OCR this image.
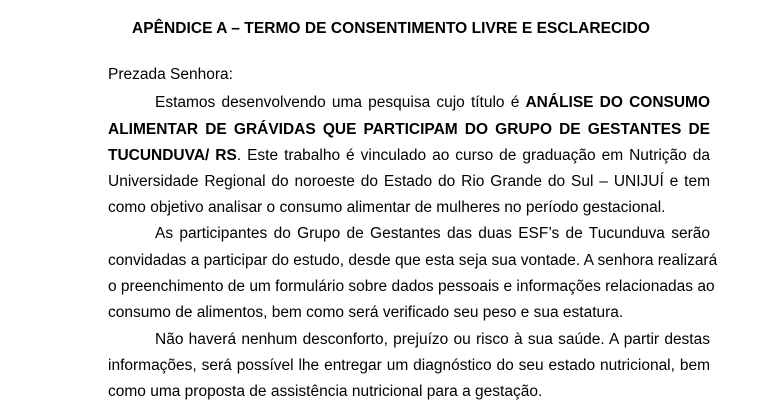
APÊNDICE A – TERMO DE CONSENTIMENTO LIVRE E ESCLARECIDO
Prezada Senhora:
Estamos desenvolvendo uma pesquisa cujo título é ANÁLISE DO CONSUMO
ALIMENTAR DE GRÁVIDAS QUE PARTICIPAM DO GRUPO DE GESTANTES DE
TUCUNDUVA/ RS. Este trabalho é vinculado ao curso de graduação em Nutrição da
Universidade Regional do noroeste do Estado do Rio Grande do Sul – UNIJUÍ e tem
como objetivo analisar o consumo alimentar de mulheres no período gestacional.
As participantes do Grupo de Gestantes das duas ESF’s de Tucunduva serão
convidadas a participar do estudo, desde que esta seja sua vontade. A senhora realizará
o preenchimento de um formulário sobre dados pessoais e informações relacionadas ao
consumo de alimentos, bem como será verificado seu peso e sua estatura.
Não haverá nenhum desconforto, prejuízo ou risco à sua saúde. A partir destas
informações, será possível lhe entregar um diagnóstico do seu estado nutricional, bem
como uma proposta de assistência nutricional para a gestação.
